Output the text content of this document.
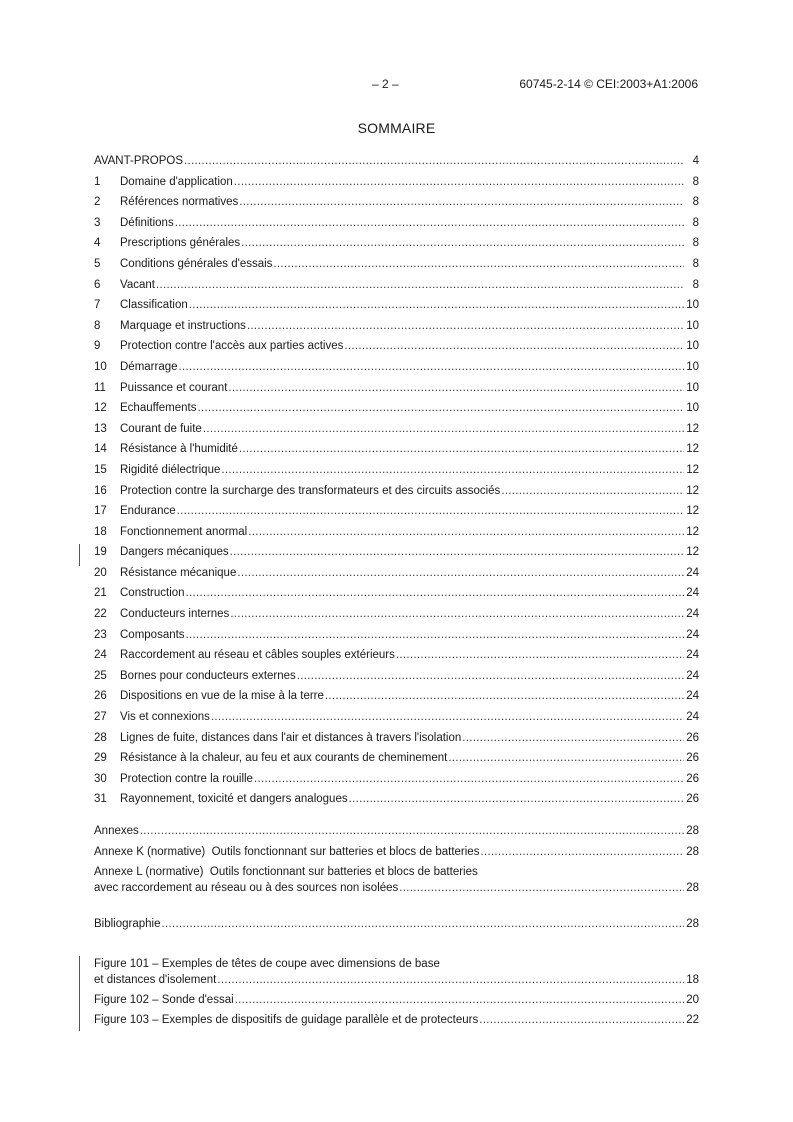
– 2 –	60745-2-14 © CEI:2003+A1:2006
SOMMAIRE
AVANT-PROPOS .....	4
1	Domaine d'application .....	8
2	Références normatives .....	8
3	Définitions .....	8
4	Prescriptions générales .....	8
5	Conditions générales d'essais .....	8
6	Vacant .....	8
7	Classification .....	10
8	Marquage et instructions .....	10
9	Protection contre l'accès aux parties actives .....	10
10	Démarrage .....	10
11	Puissance et courant .....	10
12	Echauffements .....	10
13	Courant de fuite .....	12
14	Résistance à l'humidité .....	12
15	Rigidité diélectrique .....	12
16	Protection contre la surcharge des transformateurs et des circuits associés .....	12
17	Endurance .....	12
18	Fonctionnement anormal .....	12
19	Dangers mécaniques .....	12
20	Résistance mécanique .....	24
21	Construction .....	24
22	Conducteurs internes .....	24
23	Composants .....	24
24	Raccordement au réseau et câbles souples extérieurs .....	24
25	Bornes pour conducteurs externes .....	24
26	Dispositions en vue de la mise à la terre .....	24
27	Vis et connexions .....	24
28	Lignes de fuite, distances dans l'air et distances à travers l'isolation .....	26
29	Résistance à la chaleur, au feu et aux courants de cheminement .....	26
30	Protection contre la rouille .....	26
31	Rayonnement, toxicité et dangers analogues .....	26
Annexes .....	28
Annexe K (normative)  Outils fonctionnant sur batteries et blocs de batteries .....	28
Annexe L (normative)  Outils fonctionnant sur batteries et blocs de batteries
avec raccordement au réseau ou à des sources non isolées .....	28
Bibliographie .....	28
Figure 101 – Exemples de têtes de coupe avec dimensions de base
et distances d'isolement .....	18
Figure 102 – Sonde d'essai .....	20
Figure 103 – Exemples de dispositifs de guidage parallèle et de protecteurs .....	22
